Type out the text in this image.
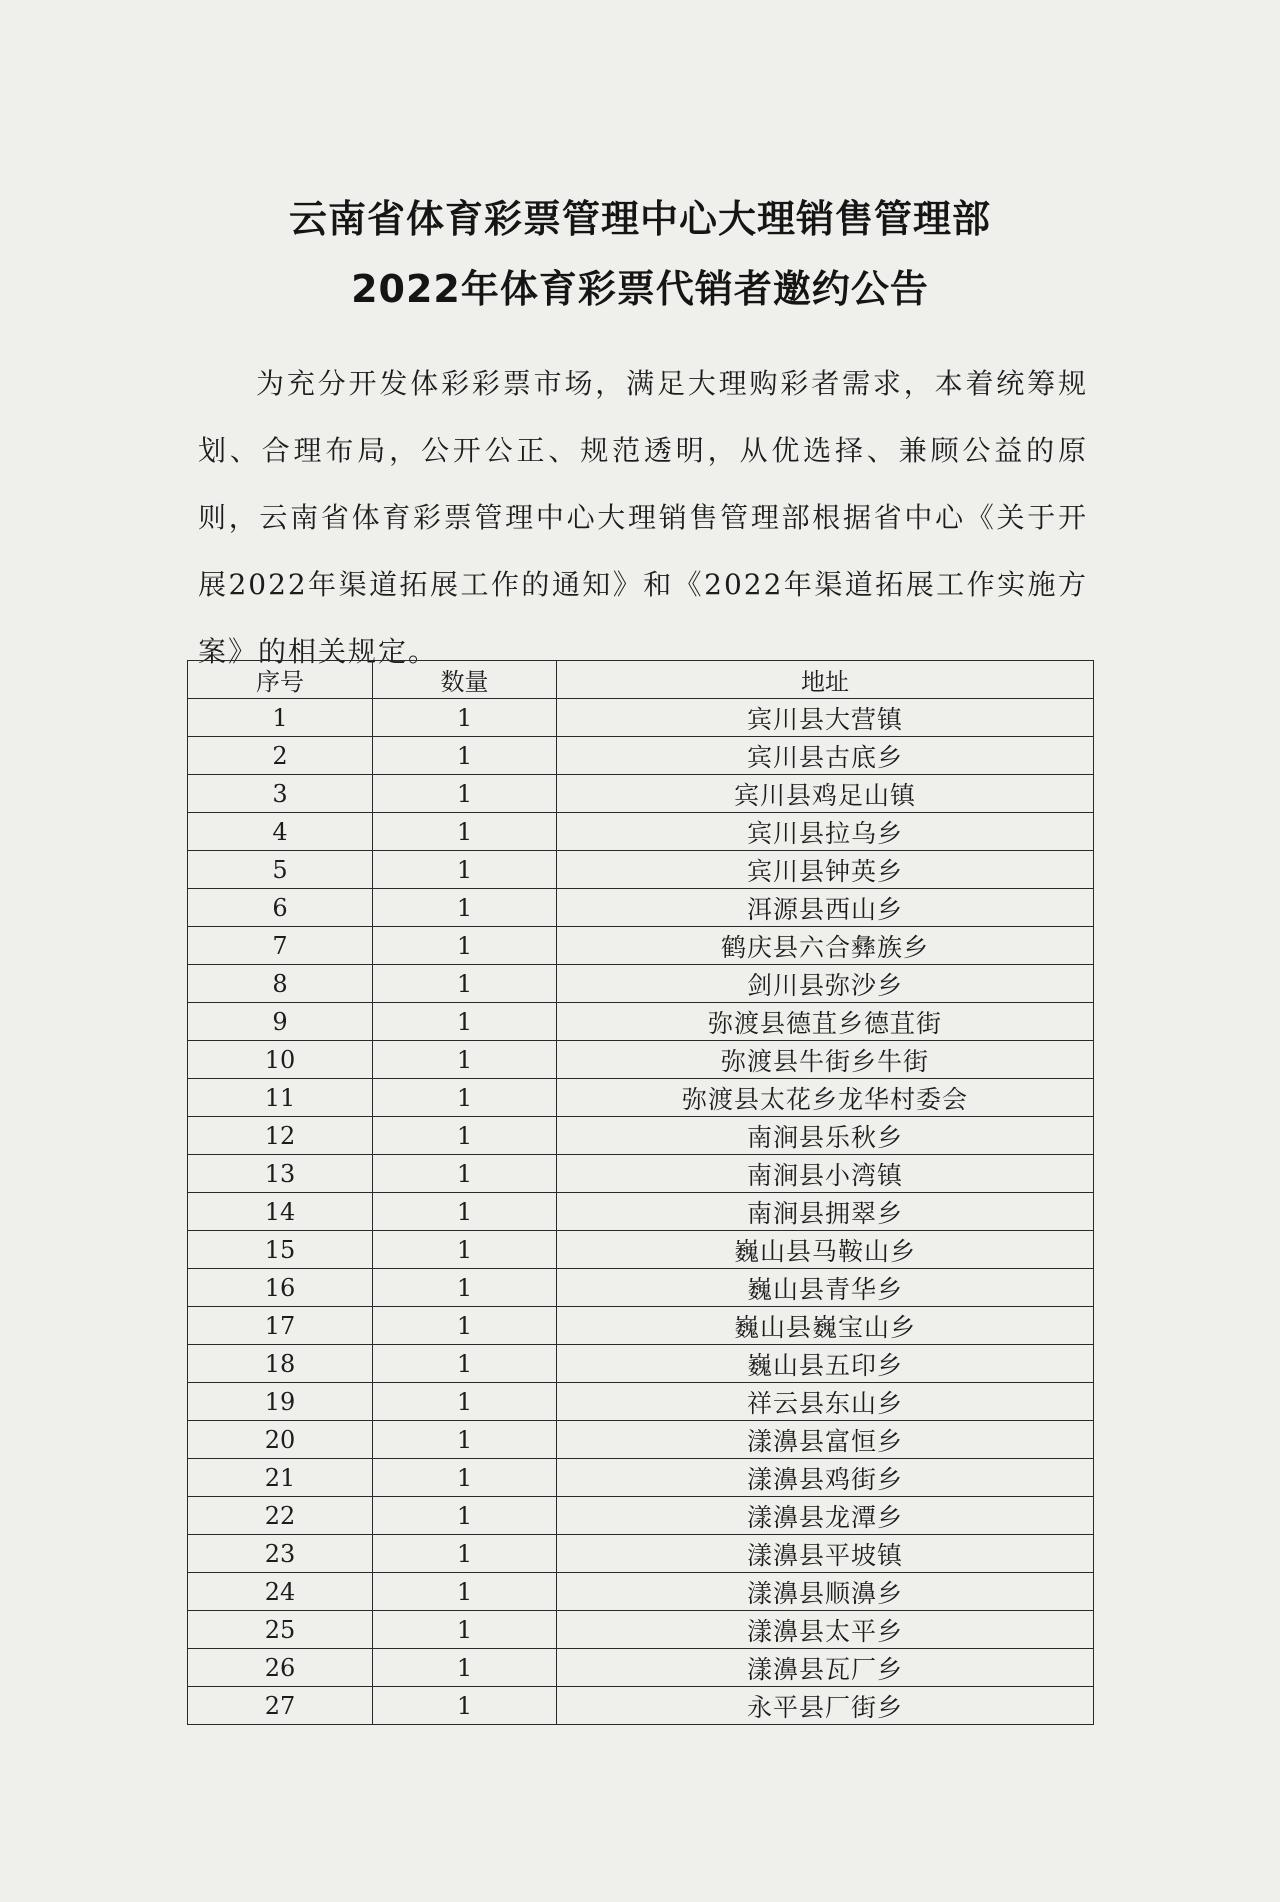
云南省体育彩票管理中心大理销售管理部
2022年体育彩票代销者邀约公告

为充分开发体彩彩票市场，满足大理购彩者需求，本着统筹规划、合理布局，公开公正、规范透明，从优选择、兼顾公益的原则，云南省体育彩票管理中心大理销售管理部根据省中心《关于开展2022年渠道拓展工作的通知》和《2022年渠道拓展工作实施方案》的相关规定。

序号	数量	地址
1	1	宾川县大营镇
2	1	宾川县古底乡
3	1	宾川县鸡足山镇
4	1	宾川县拉乌乡
5	1	宾川县钟英乡
6	1	洱源县西山乡
7	1	鹤庆县六合彝族乡
8	1	剑川县弥沙乡
9	1	弥渡县德苴乡德苴街
10	1	弥渡县牛街乡牛街
11	1	弥渡县太花乡龙华村委会
12	1	南涧县乐秋乡
13	1	南涧县小湾镇
14	1	南涧县拥翠乡
15	1	巍山县马鞍山乡
16	1	巍山县青华乡
17	1	巍山县巍宝山乡
18	1	巍山县五印乡
19	1	祥云县东山乡
20	1	漾濞县富恒乡
21	1	漾濞县鸡街乡
22	1	漾濞县龙潭乡
23	1	漾濞县平坡镇
24	1	漾濞县顺濞乡
25	1	漾濞县太平乡
26	1	漾濞县瓦厂乡
27	1	永平县厂街乡
